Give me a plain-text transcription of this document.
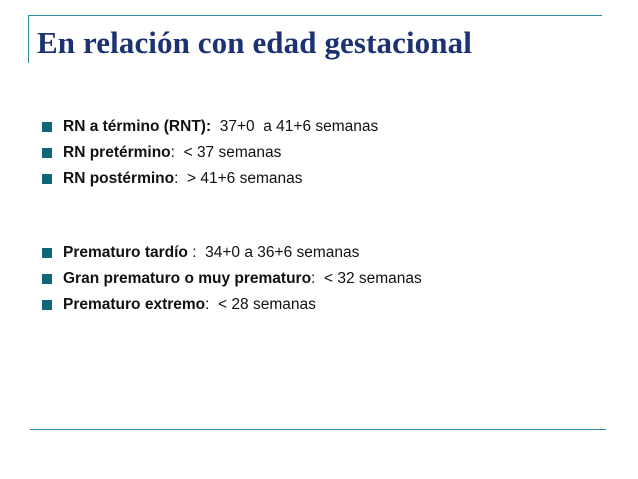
En relación con edad gestacional
RN a término (RNT):  37+0  a 41+6 semanas
RN pretérmino:  < 37 semanas
RN postérmino:  > 41+6 semanas
Prematuro tardío :  34+0 a 36+6 semanas
Gran prematuro o muy prematuro:  < 32 semanas
Prematuro extremo:  < 28 semanas
